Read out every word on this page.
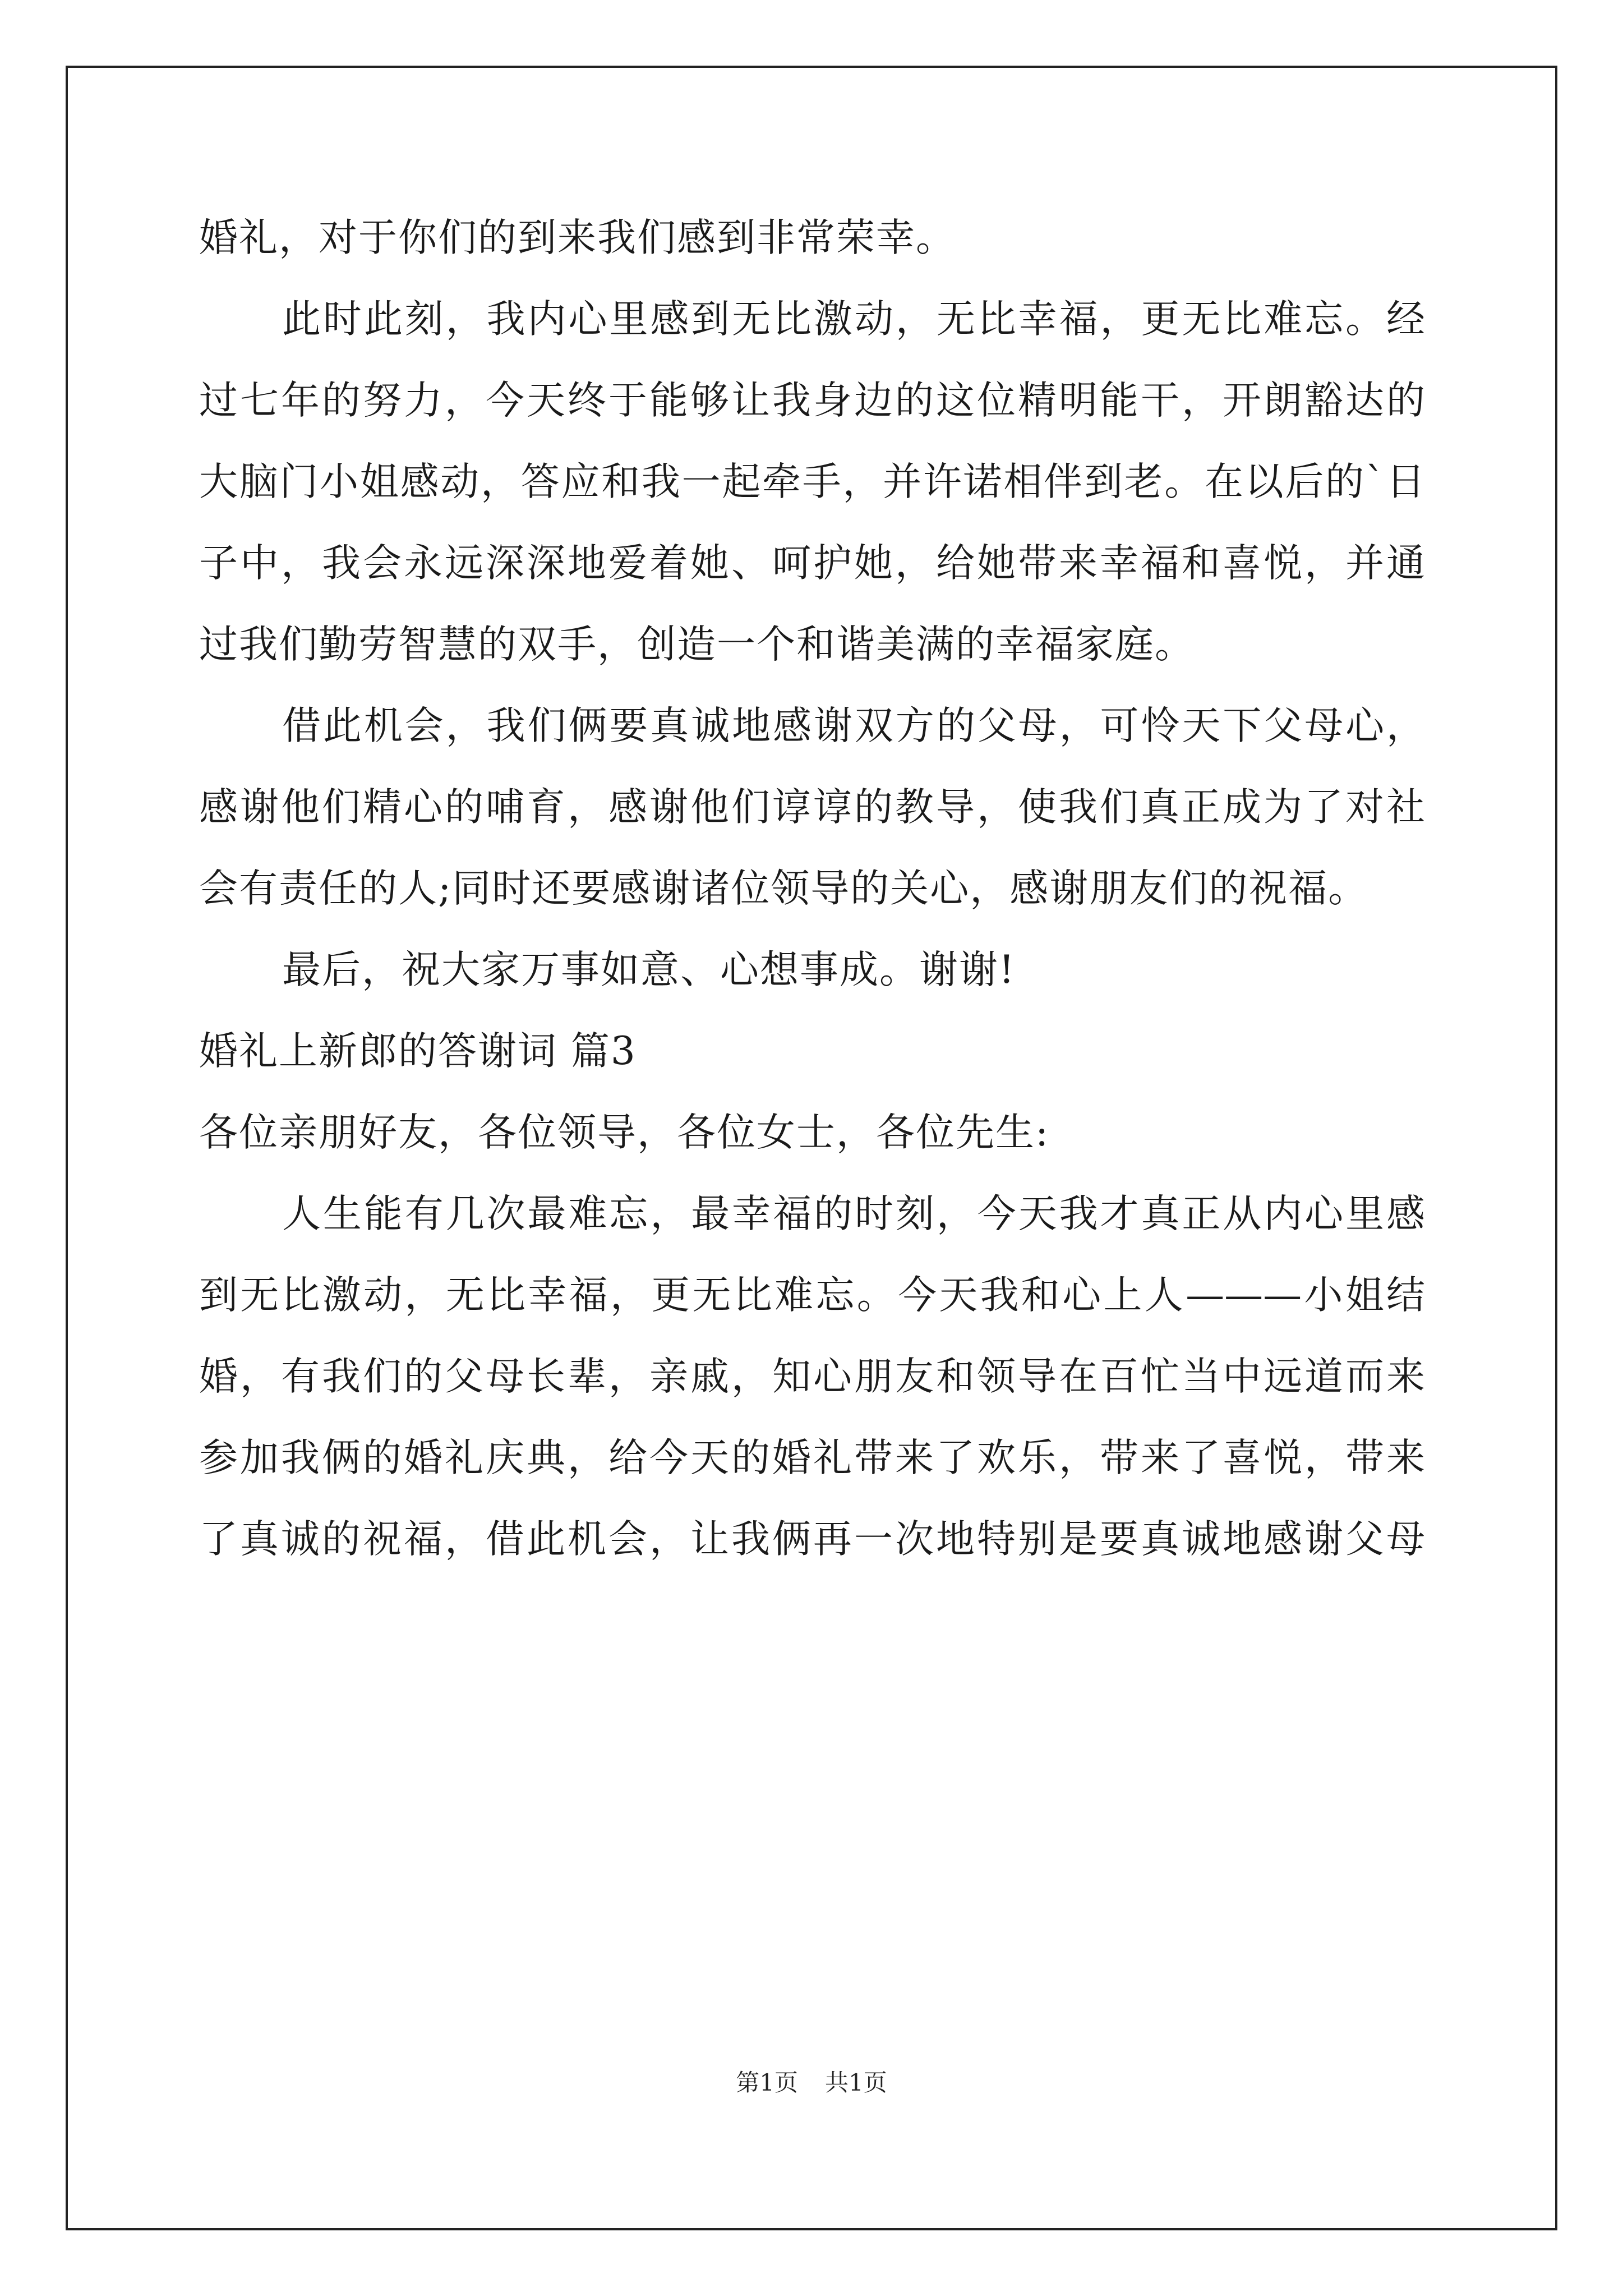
婚礼，对于你们的到来我们感到非常荣幸。
此时此刻，我内心里感到无比激动，无比幸福，更无比难忘。经
过七年的努力，今天终于能够让我身边的这位精明能干，开朗豁达的
大脑门小姐感动，答应和我一起牵手，并许诺相伴到老。在以后的`日
子中，我会永远深深地爱着她、呵护她，给她带来幸福和喜悦，并通
过我们勤劳智慧的双手，创造一个和谐美满的幸福家庭。
借此机会，我们俩要真诚地感谢双方的父母，可怜天下父母心，
感谢他们精心的哺育，感谢他们谆谆的教导，使我们真正成为了对社
会有责任的人;同时还要感谢诸位领导的关心，感谢朋友们的祝福。
最后，祝大家万事如意、心想事成。谢谢!
婚礼上新郎的答谢词 篇3
各位亲朋好友，各位领导，各位女士，各位先生:
人生能有几次最难忘，最幸福的时刻，今天我才真正从内心里感
到无比激动，无比幸福，更无比难忘。今天我和心上人———小姐结
婚，有我们的父母长辈，亲戚，知心朋友和领导在百忙当中远道而来
参加我俩的婚礼庆典，给今天的婚礼带来了欢乐，带来了喜悦，带来
了真诚的祝福，借此机会，让我俩再一次地特别是要真诚地感谢父母
第1页 共1页
